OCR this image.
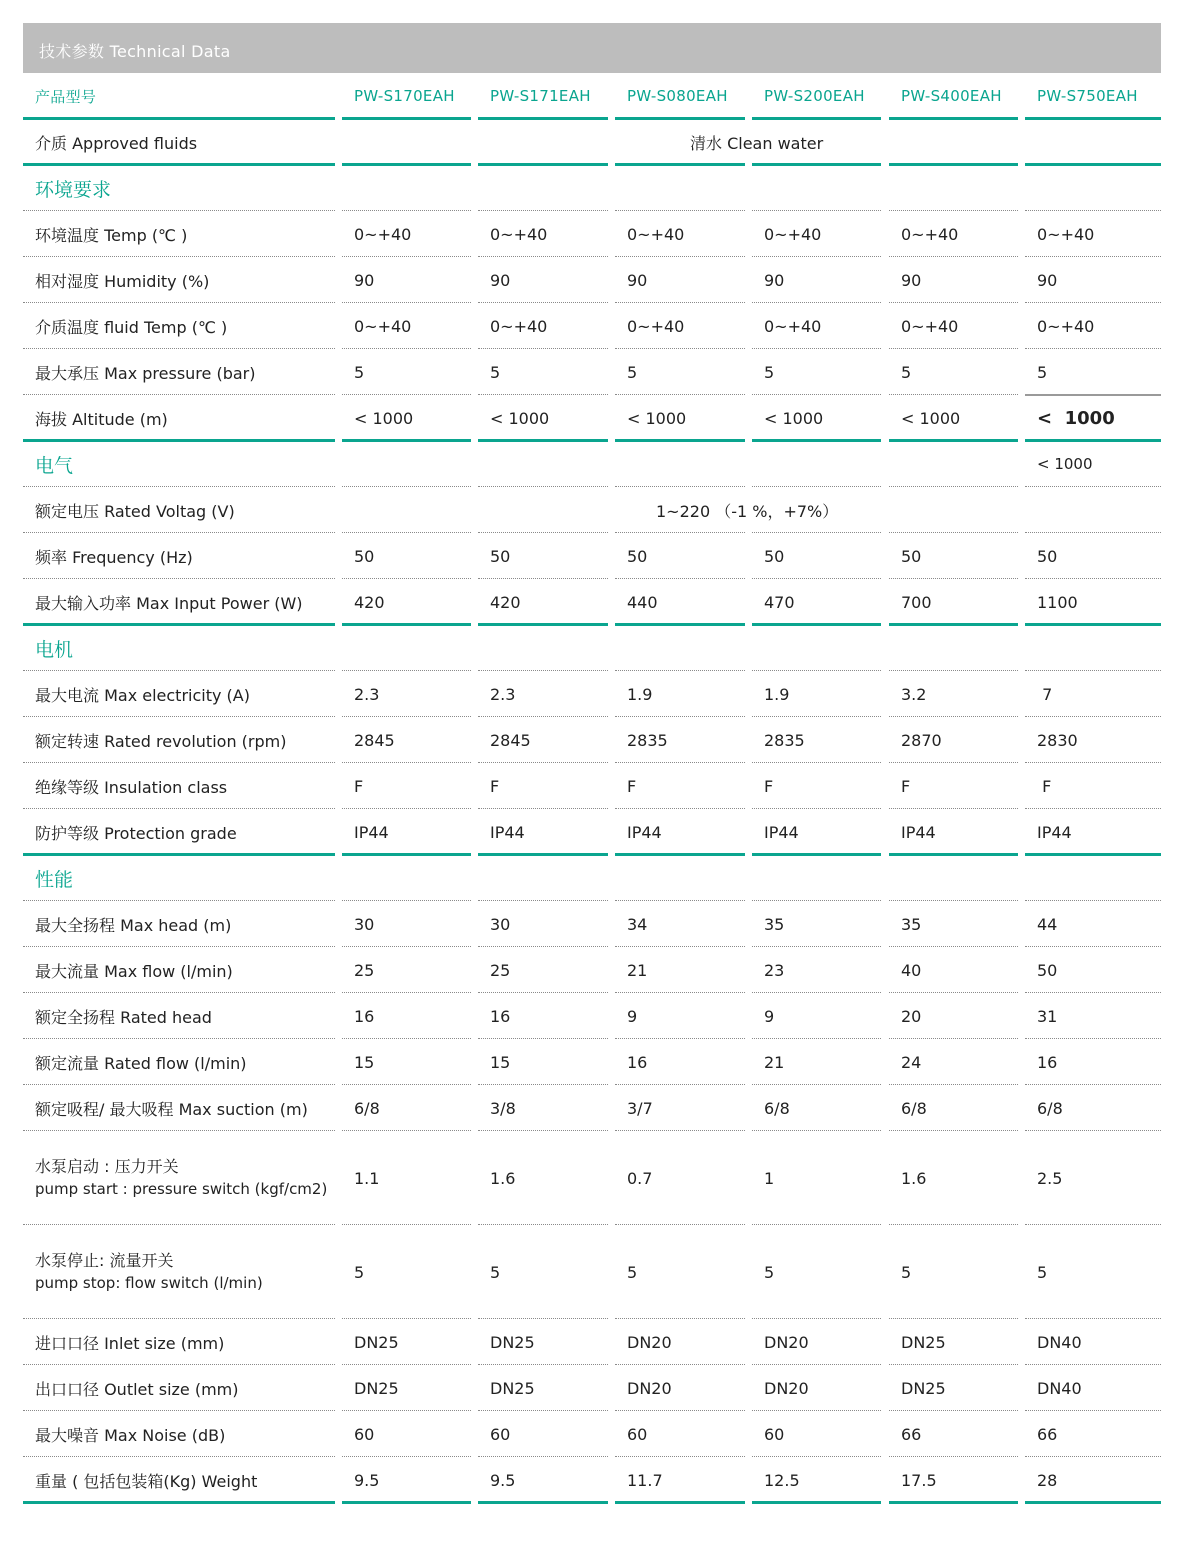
技术参数 Technical Data
产品型号	PW-S170EAH	PW-S171EAH	PW-S080EAH	PW-S200EAH	PW-S400EAH	PW-S750EAH
介质 Approved fluids	清水 Clean water
环境要求
环境温度 Temp (℃ )	0~+40	0~+40	0~+40	0~+40	0~+40	0~+40
相对湿度 Humidity (%)	90	90	90	90	90	90
介质温度 fluid Temp (℃ )	0~+40	0~+40	0~+40	0~+40	0~+40	0~+40
最大承压 Max pressure (bar)	5	5	5	5	5	5
海拔 Altitude (m)	< 1000	< 1000	< 1000	< 1000	< 1000	<  1000
电气	< 1000
额定电压 Rated Voltag (V)	1~220 （-1 %，+7%）
频率 Frequency (Hz)	50	50	50	50	50	50
最大输入功率 Max Input Power (W)	420	420	440	470	700	1100
电机
最大电流 Max electricity (A)	2.3	2.3	1.9	1.9	3.2	7
额定转速 Rated revolution (rpm)	2845	2845	2835	2835	2870	2830
绝缘等级 Insulation class	F	F	F	F	F	F
防护等级 Protection grade	IP44	IP44	IP44	IP44	IP44	IP44
性能
最大全扬程 Max head (m)	30	30	34	35	35	44
最大流量 Max flow (l/min)	25	25	21	23	40	50
额定全扬程 Rated head	16	16	9	9	20	31
额定流量 Rated flow (l/min)	15	15	16	21	24	16
额定吸程/ 最大吸程 Max suction (m)	6/8	3/8	3/7	6/8	6/8	6/8
水泵启动 : 压力开关
pump start : pressure switch (kgf/cm2)
1.1	1.6	0.7	1	1.6	2.5
水泵停止: 流量开关
pump stop: flow switch (l/min)
5	5	5	5	5	5
进口口径 Inlet size (mm)	DN25	DN25	DN20	DN20	DN25	DN40
出口口径 Outlet size (mm)	DN25	DN25	DN20	DN20	DN25	DN40
最大噪音 Max Noise (dB)	60	60	60	60	66	66
重量 ( 包括包装箱(Kg) Weight	9.5	9.5	11.7	12.5	17.5	28
